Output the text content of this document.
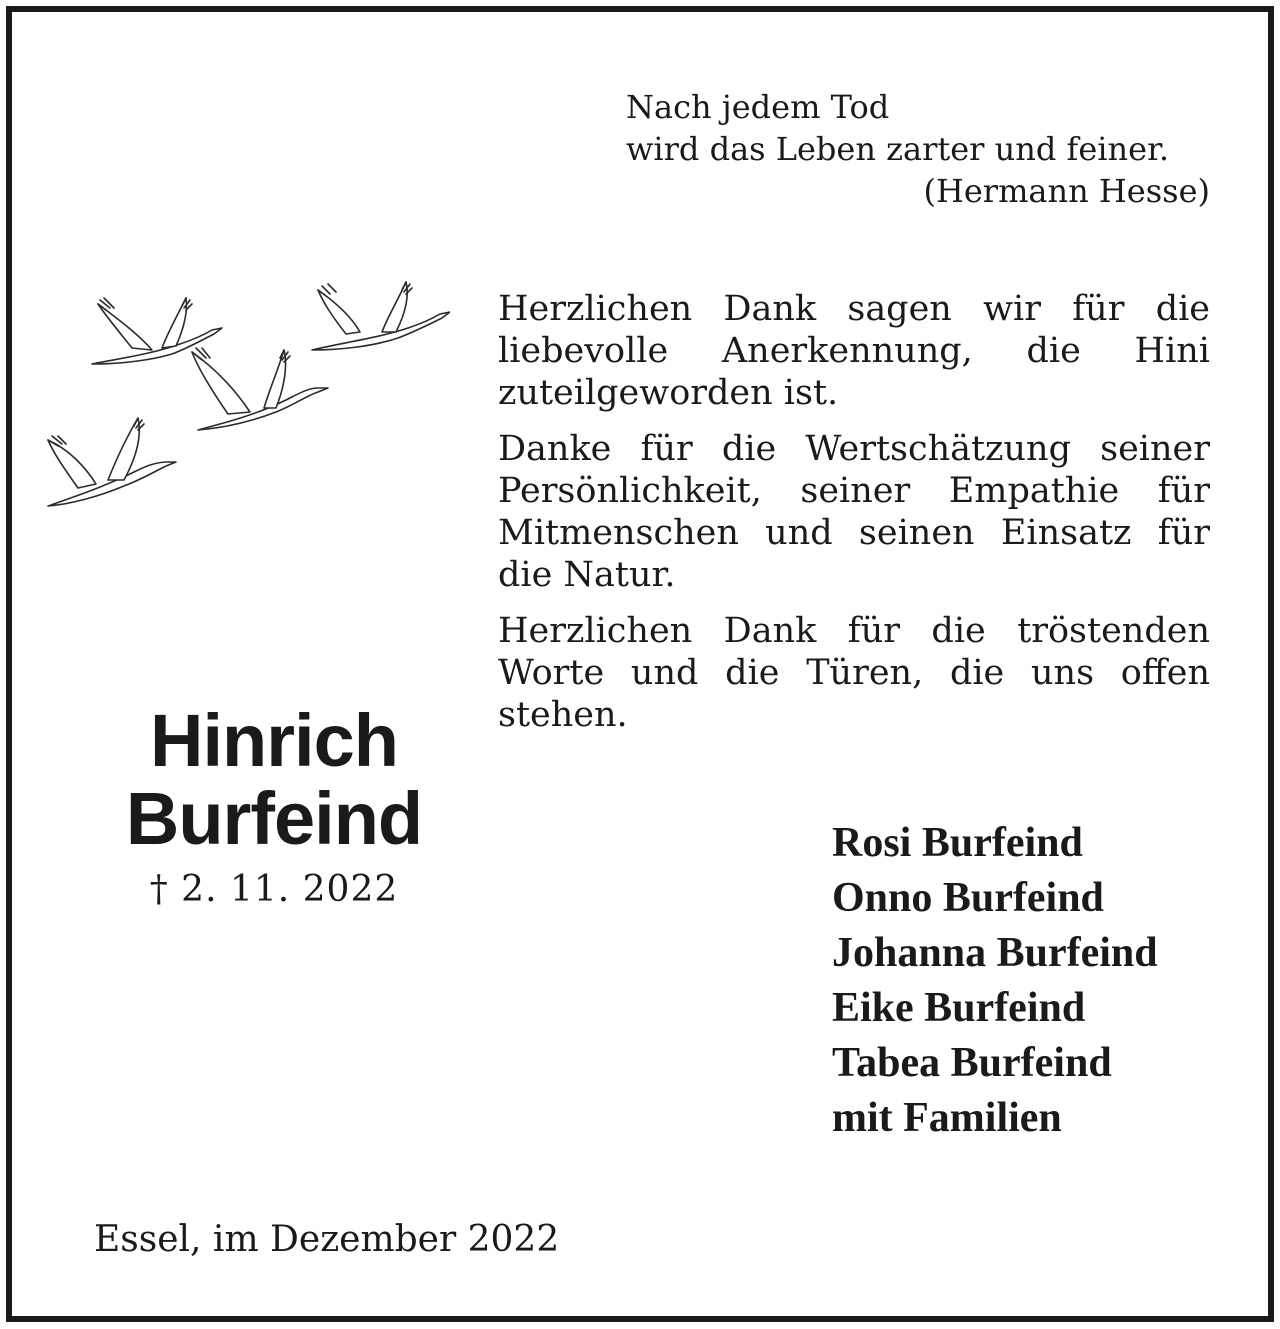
Nach jedem Tod
wird das Leben zarter und feiner.
(Hermann Hesse)

Herzlichen Dank sagen wir für die liebevolle Anerkennung, die Hini zuteilgeworden ist.

Danke für die Wertschätzung seiner Persönlichkeit, seiner Empathie für Mitmenschen und seinen Einsatz für die Natur.

Herzlichen Dank für die tröstenden Worte und die Türen, die uns offen stehen.

Hinrich
Burfeind
† 2. 11. 2022
Rosi Burfeind
Onno Burfeind
Johanna Burfeind
Eike Burfeind
Tabea Burfeind
mit Familien
Essel, im Dezember 2022
